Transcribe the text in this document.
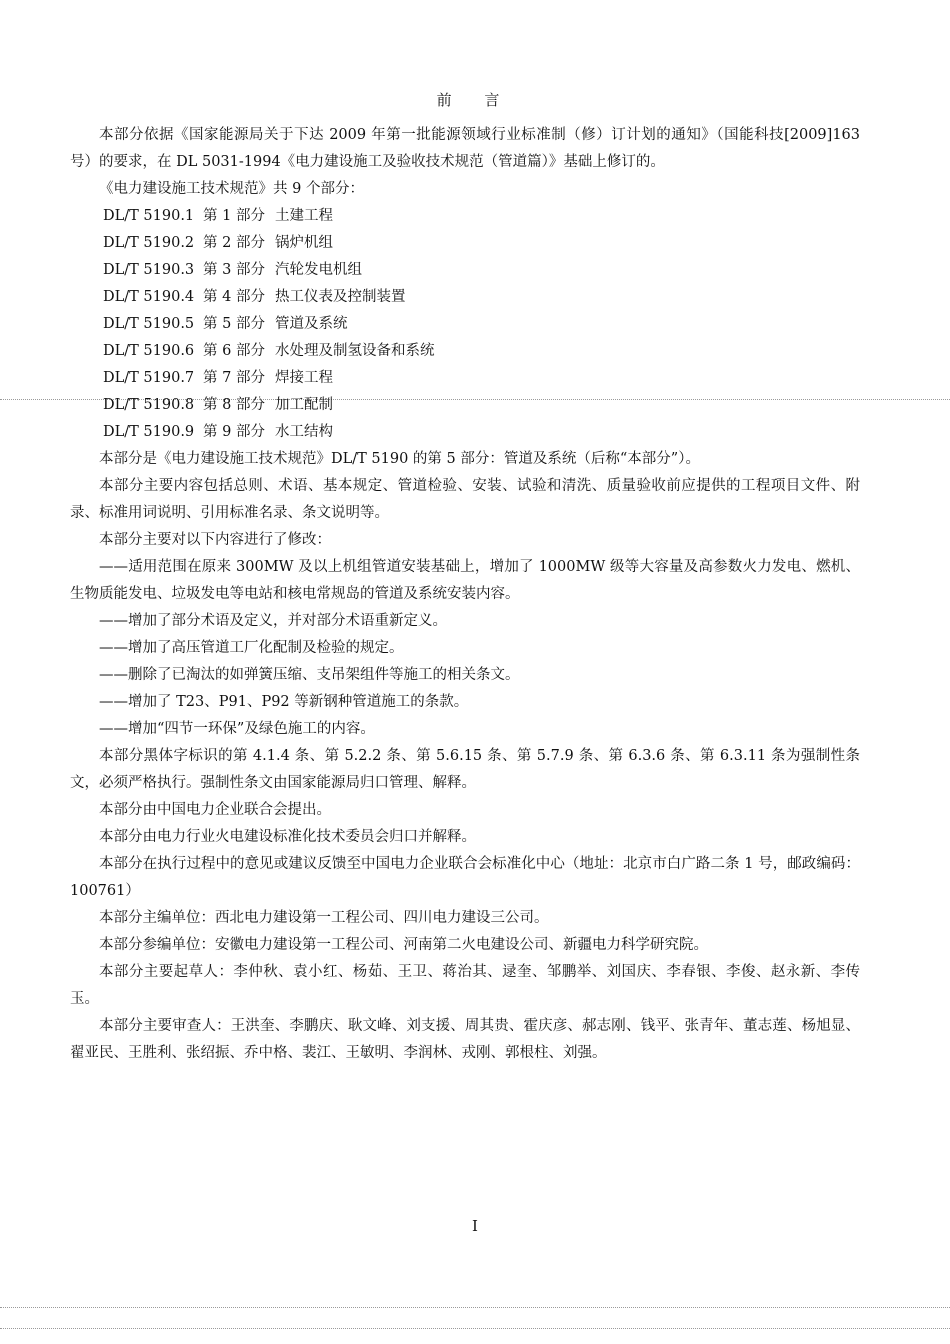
前 言

本部分依据《国家能源局关于下达 2009 年第一批能源领域行业标准制（修）订计划的通知》（国能科技[2009]163 号）的要求，在 DL 5031-1994《电力建设施工及验收技术规范（管道篇）》基础上修订的。

《电力建设施工技术规范》共 9 个部分：

DL/T 5190.1 第 1 部分 土建工程
DL/T 5190.2 第 2 部分 锅炉机组
DL/T 5190.3 第 3 部分 汽轮发电机组
DL/T 5190.4 第 4 部分 热工仪表及控制装置
DL/T 5190.5 第 5 部分 管道及系统
DL/T 5190.6 第 6 部分 水处理及制氢设备和系统
DL/T 5190.7 第 7 部分 焊接工程
DL/T 5190.8 第 8 部分 加工配制
DL/T 5190.9 第 9 部分 水工结构

本部分是《电力建设施工技术规范》DL/T 5190 的第 5 部分：管道及系统（后称“本部分”）。

本部分主要内容包括总则、术语、基本规定、管道检验、安装、试验和清洗、质量验收前应提供的工程项目文件、附录、标准用词说明、引用标准名录、条文说明等。

本部分主要对以下内容进行了修改：

——适用范围在原来 300MW 及以上机组管道安装基础上，增加了 1000MW 级等大容量及高参数火力发电、燃机、生物质能发电、垃圾发电等电站和核电常规岛的管道及系统安装内容。

——增加了部分术语及定义，并对部分术语重新定义。

——增加了高压管道工厂化配制及检验的规定。

——删除了已淘汰的如弹簧压缩、支吊架组件等施工的相关条文。

——增加了 T23、P91、P92 等新钢种管道施工的条款。

——增加“四节一环保”及绿色施工的内容。

本部分黑体字标识的第 4.1.4 条、第 5.2.2 条、第 5.6.15 条、第 5.7.9 条、第 6.3.6 条、第 6.3.11 条为强制性条文，必须严格执行。强制性条文由国家能源局归口管理、解释。

本部分由中国电力企业联合会提出。

本部分由电力行业火电建设标准化技术委员会归口并解释。

本部分在执行过程中的意见或建议反馈至中国电力企业联合会标准化中心（地址：北京市白广路二条 1 号，邮政编码：100761）

本部分主编单位：西北电力建设第一工程公司、四川电力建设三公司。

本部分参编单位：安徽电力建设第一工程公司、河南第二火电建设公司、新疆电力科学研究院。

本部分主要起草人：李仲秋、袁小红、杨茹、王卫、蒋治其、逯奎、邹鹏举、刘国庆、李春银、李俊、赵永新、李传玉。

本部分主要审查人：王洪奎、李鹏庆、耿文峰、刘支援、周其贵、霍庆彦、郝志刚、钱平、张青年、董志莲、杨旭显、翟亚民、王胜利、张绍振、乔中格、裴江、王敏明、李润林、戎刚、郭根柱、刘强。

I
